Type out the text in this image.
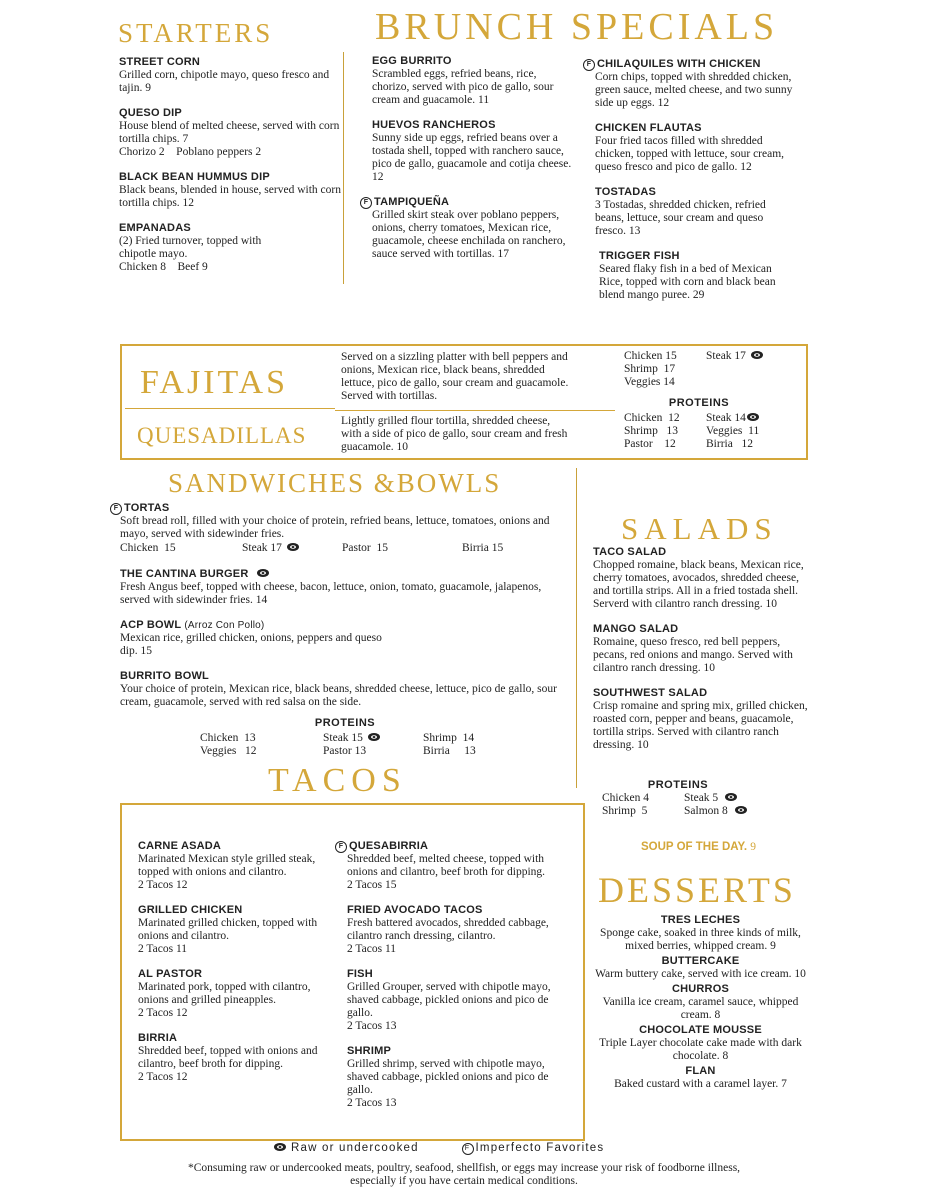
STARTERS
STREET CORN
Grilled corn, chipotle mayo, queso fresco and tajin. 9
QUESO DIP
House blend of melted cheese, served with corn tortilla chips. 7
Chorizo 2    Poblano peppers 2
BLACK BEAN HUMMUS DIP
Black beans, blended in house, served with corn tortilla chips. 12
EMPANADAS
(2) Fried turnover, topped with chipotle mayo.
Chicken 8    Beef 9
BRUNCH SPECIALS
EGG BURRITO
Scrambled eggs, refried beans, rice, chorizo, served with pico de gallo, sour cream and guacamole. 11
HUEVOS RANCHEROS
Sunny side up eggs, refried beans over a tostada shell, topped with ranchero sauce, pico de gallo, guacamole and cotija cheese. 12
F TAMPIQUEÑA
Grilled skirt steak over poblano peppers, onions, cherry tomatoes, Mexican rice, guacamole, cheese enchilada on ranchero, sauce served with tortillas. 17
F CHILAQUILES WITH CHICKEN
Corn chips, topped with shredded chicken, green sauce, melted cheese, and two sunny side up eggs. 12
CHICKEN FLAUTAS
Four fried tacos filled with shredded chicken, topped with lettuce, sour cream, queso fresco and pico de gallo. 12
TOSTADAS
3 Tostadas, shredded chicken, refried beans, lettuce, sour cream and queso fresco. 13
TRIGGER FISH
Seared flaky fish in a bed of Mexican Rice, topped with corn and black bean blend mango puree. 29
FAJITAS
QUESADILLAS
Served on a sizzling platter with bell peppers and onions, Mexican rice, black beans, shredded lettuce, pico de gallo, sour cream and guacamole. Served with tortillas.
Lightly grilled flour tortilla, shredded cheese, with a side of pico de gallo, sour cream and fresh guacamole. 10
Chicken 15	Steak 17
Shrimp  17
Veggies 14
PROTEINS
Chicken  12 Steak 14
Shrimp   13 Veggies  11
Pastor    12	Birria   12
SANDWICHES &BOWLS
F TORTAS
Soft bread roll, filled with your choice of protein, refried beans, lettuce, tomatoes, onions and mayo, served with sidewinder fries.
Chicken  15	Steak 17	Pastor  15	Birria 15
THE CANTINA BURGER
Fresh Angus beef, topped with cheese, bacon, lettuce, onion, tomato, guacamole, jalapenos, served with sidewinder fries. 14
ACP BOWL (Arroz Con Pollo)
Mexican rice, grilled chicken, onions, peppers and queso dip. 15
BURRITO BOWL
Your choice of protein, Mexican rice, black beans, shredded cheese, lettuce, pico de gallo, sour cream, guacamole, served with red salsa on the side.
PROTEINS
Chicken  13	Steak 15	Shrimp  14
Veggies   12	Pastor 13	Birria     13
SALADS
TACO SALAD
Chopped romaine, black beans, Mexican rice, cherry tomatoes, avocados, shredded cheese, and tortilla strips. All in a fried tostada shell. Serverd with cilantro ranch dressing. 10
MANGO SALAD
Romaine, queso fresco, red bell peppers, pecans, red onions and mango. Served with cilantro ranch dressing. 10
SOUTHWEST SALAD
Crisp romaine and spring mix, grilled chicken, roasted corn, pepper and beans, guacamole, tortilla strips. Served with cilantro ranch dressing. 10
PROTEINS
Chicken 4	Steak 5
Shrimp  5	Salmon 8
SOUP OF THE DAY. 9
TACOS
CARNE ASADA
Marinated Mexican style grilled steak, topped with onions and cilantro.
2 Tacos 12
GRILLED CHICKEN
Marinated grilled chicken, topped with onions and cilantro.
2 Tacos 11
AL PASTOR
Marinated pork, topped with cilantro, onions and grilled pineapples.
2 Tacos 12
BIRRIA
Shredded beef, topped with onions and cilantro, beef broth for dipping.
2 Tacos 12
F QUESABIRRIA
Shredded beef, melted cheese, topped with onions and cilantro, beef broth for dipping.
2 Tacos 15
FRIED AVOCADO TACOS
Fresh battered avocados, shredded cabbage, cilantro ranch dressing, cilantro.
2 Tacos 11
FISH
Grilled Grouper, served with chipotle mayo, shaved cabbage, pickled onions and pico de gallo.
2 Tacos 13
SHRIMP
Grilled shrimp, served with chipotle mayo, shaved cabbage, pickled onions and pico de gallo.
2 Tacos 13
DESSERTS
TRES LECHES
Sponge cake, soaked in three kinds of milk, mixed berries, whipped cream. 9
BUTTERCAKE
Warm buttery cake, served with ice cream. 10
CHURROS
Vanilla ice cream, caramel sauce, whipped cream. 8
CHOCOLATE MOUSSE
Triple Layer chocolate cake made with dark chocolate. 8
FLAN
Baked custard with a caramel layer. 7
Raw or undercooked	F Imperfecto Favorites
*Consuming raw or undercooked meats, poultry, seafood, shellfish, or eggs may increase your risk of foodborne illness, especially if you have certain medical conditions.
